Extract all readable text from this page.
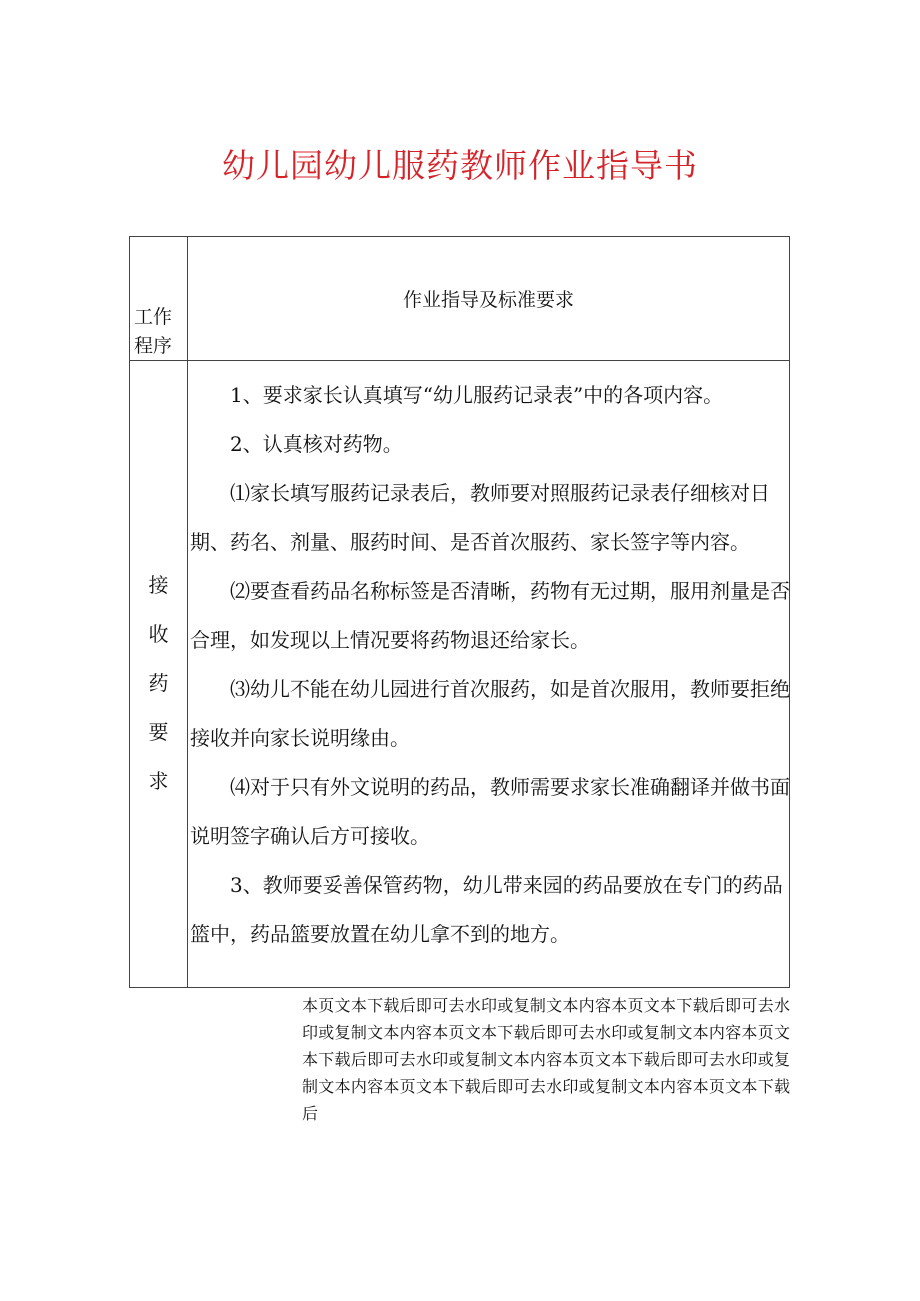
幼儿园幼儿服药教师作业指导书
工作程序
作业指导及标准要求
接
收
药
要
求

1、要求家长认真填写“幼儿服药记录表”中的各项内容。

2、认真核对药物。

⑴家长填写服药记录表后，教师要对照服药记录表仔细核对日期、药名、剂量、服药时间、是否首次服药、家长签字等内容。

⑵要查看药品名称标签是否清晰，药物有无过期，服用剂量是否合理，如发现以上情况要将药物退还给家长。

⑶幼儿不能在幼儿园进行首次服药，如是首次服用，教师要拒绝接收并向家长说明缘由。

⑷对于只有外文说明的药品，教师需要求家长准确翻译并做书面说明签字确认后方可接收。

3、教师要妥善保管药物，幼儿带来园的药品要放在专门的药品篮中，药品篮要放置在幼儿拿不到的地方。

本页文本下载后即可去水印或复制文本内容本页文本下载后即可去水印或复制文本内容本页文本下载后即可去水印或复制文本内容本页文本下载后即可去水印或复制文本内容本页文本下载后即可去水印或复制文本内容本页文本下载后即可去水印或复制文本内容本页文本下载后
